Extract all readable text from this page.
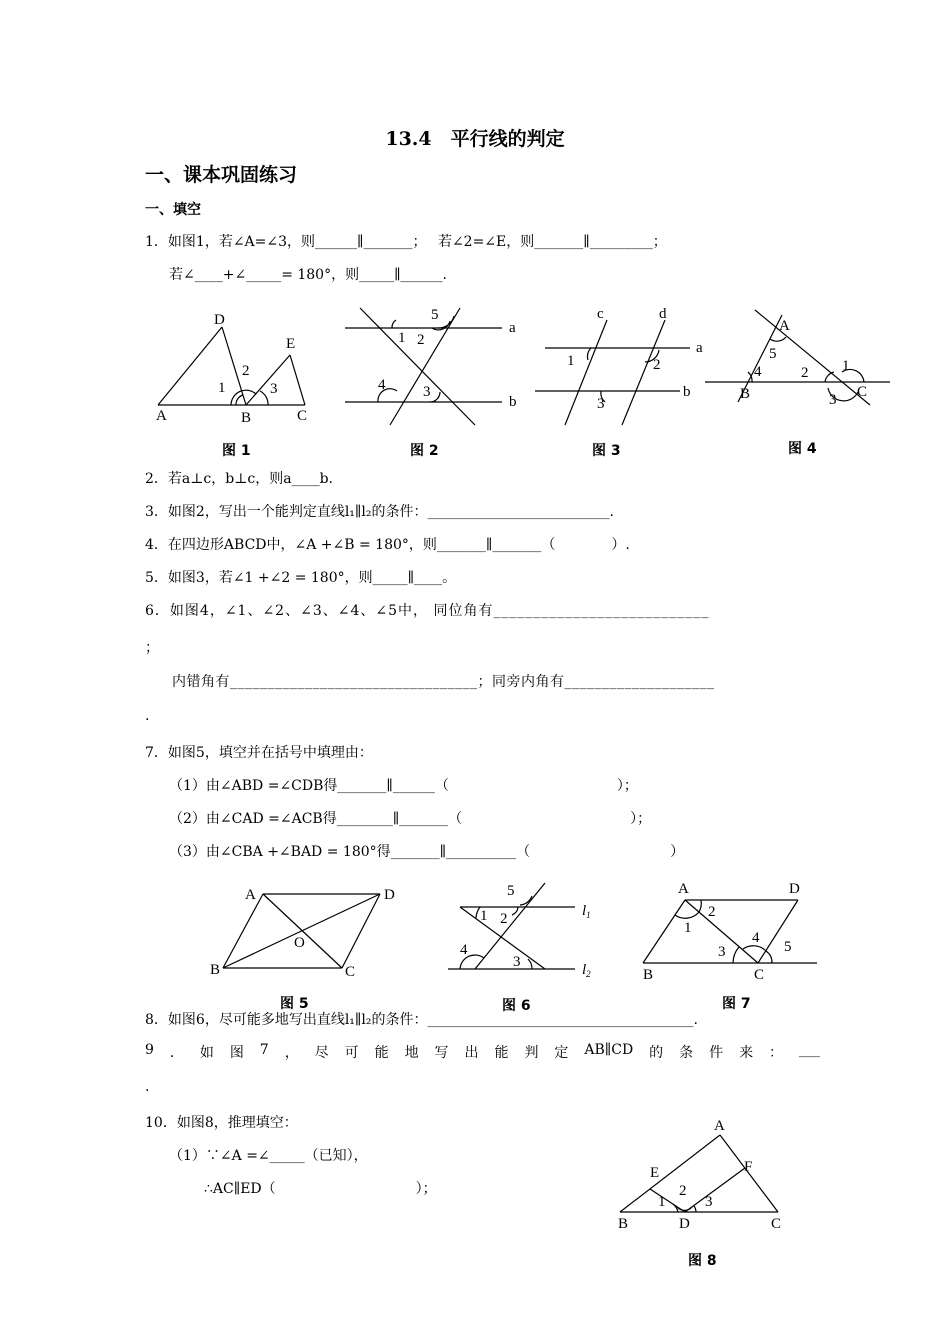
13.4　平行线的判定
一、课本巩固练习
一、填空
1．如图1，若∠A=∠3，则______∥_______；　 若∠2=∠E，则_______∥_________；
若∠____+∠_____= 180°，则_____∥______.
D
E
A	B	C
1
2
3
图 1
a
b
1 2
5
4	3
图 2
c	d
a
b
1	2
3
图 3
A
B	C
1
2
3
4
5
图 4
2．若a⊥c，b⊥c，则a____b.
3．如图2，写出一个能判定直线l₁∥l₂的条件：__________________________.
4．在四边形ABCD中，∠A +∠B = 180°，则_______∥_______（　　　　）.
5．如图3，若∠1 +∠2 = 180°，则_____∥____。
6．如图4，∠1、∠2、∠3、∠4、∠5中， 同位角有___________________________
；
内错角有_________________________________；同旁内角有____________________
.
7．如图5，填空并在括号中填理由：
（1）由∠ABD =∠CDB得_______∥______（　　　　　　　　　　　　）；
（2）由∠CAD =∠ACB得________∥_______（　　　　　　　　　　　　）；
（3）由∠CBA +∠BAD = 180°得_______∥__________（　　　　　　　　　　）
A	D
B	C
O
图 5
1 2
5
4
3
$l_1$
$l_2$
图 6
A	D
B	C
1
2
3
4
5
图 7
8．如图6，尽可能多地写出直线l₁∥l₂的条件：______________________________________.
9 ． 如 图 7 ， 尽 可 能 地 写 出 能 判 定 AB∥CD 的 条 件 来 ： ___
.
10．如图8，推理填空：
（1）∵∠A =∠_____（已知），
∴AC∥ED（　　　　　　　　　　）；
A
E	F
B	D	C
1
2
3
图 8
